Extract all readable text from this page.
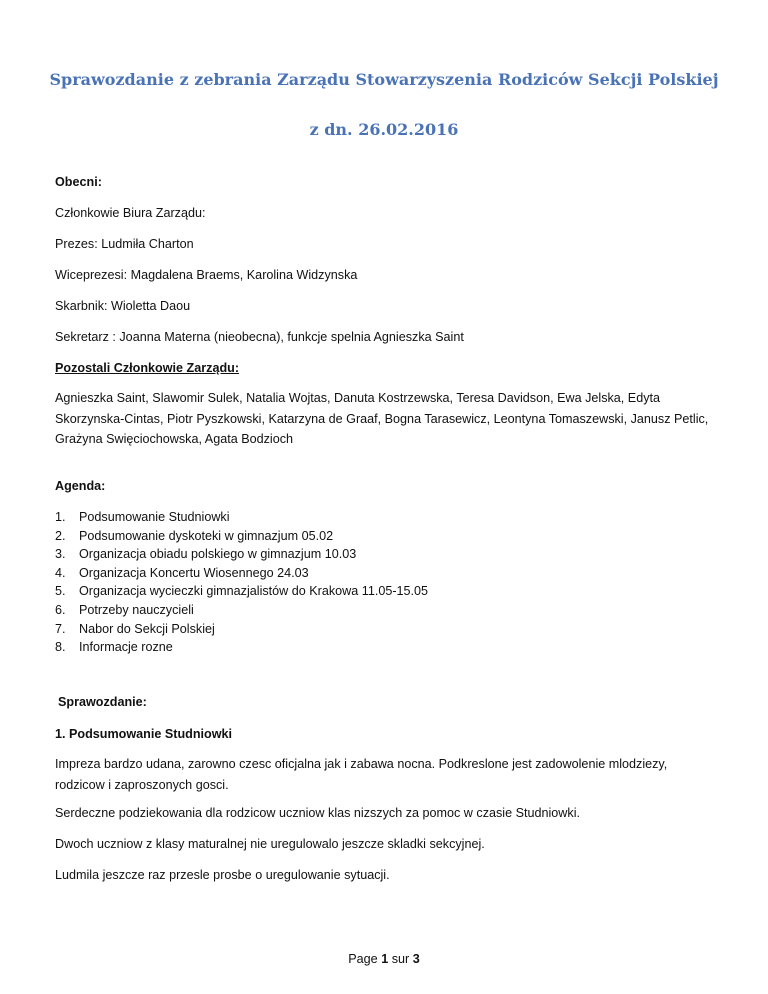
Sprawozdanie z zebrania Zarządu Stowarzyszenia Rodziców Sekcji Polskiej
z dn. 26.02.2016

Obecni:

Członkowie Biura Zarządu:

Prezes: Ludmiła Charton

Wiceprezesi: Magdalena Braems, Karolina Widzynska

Skarbnik: Wioletta Daou

Sekretarz : Joanna Materna (nieobecna), funkcje spelnia Agnieszka Saint

Pozostali Członkowie Zarządu:

Agnieszka Saint, Slawomir Sulek, Natalia Wojtas, Danuta Kostrzewska, Teresa Davidson, Ewa Jelska, Edyta Skorzynska-Cintas, Piotr Pyszkowski, Katarzyna de Graaf, Bogna Tarasewicz, Leontyna Tomaszewski, Janusz Petlic, Grażyna Swięciochowska, Agata Bodzioch

Agenda:

1. Podsumowanie Studniowki
2. Podsumowanie dyskoteki w gimnazjum 05.02
3. Organizacja obiadu polskiego w gimnazjum 10.03
4. Organizacja Koncertu Wiosennego 24.03
5. Organizacja wycieczki gimnazjalistów do Krakowa 11.05-15.05
6. Potrzeby nauczycieli
7. Nabor do Sekcji Polskiej
8. Informacje rozne

Sprawozdanie:

1. Podsumowanie Studniowki

Impreza bardzo udana, zarowno czesc oficjalna jak i zabawa nocna. Podkreslone jest zadowolenie mlodziezy, rodzicow i zaproszonych gosci.

Serdeczne podziekowania dla rodzicow uczniow klas nizszych za pomoc w czasie Studniowki.

Dwoch uczniow z klasy maturalnej nie uregulowalo jeszcze skladki sekcyjnej.

Ludmila jeszcze raz przesle prosbe o uregulowanie sytuacji.

Page 1 sur 3
